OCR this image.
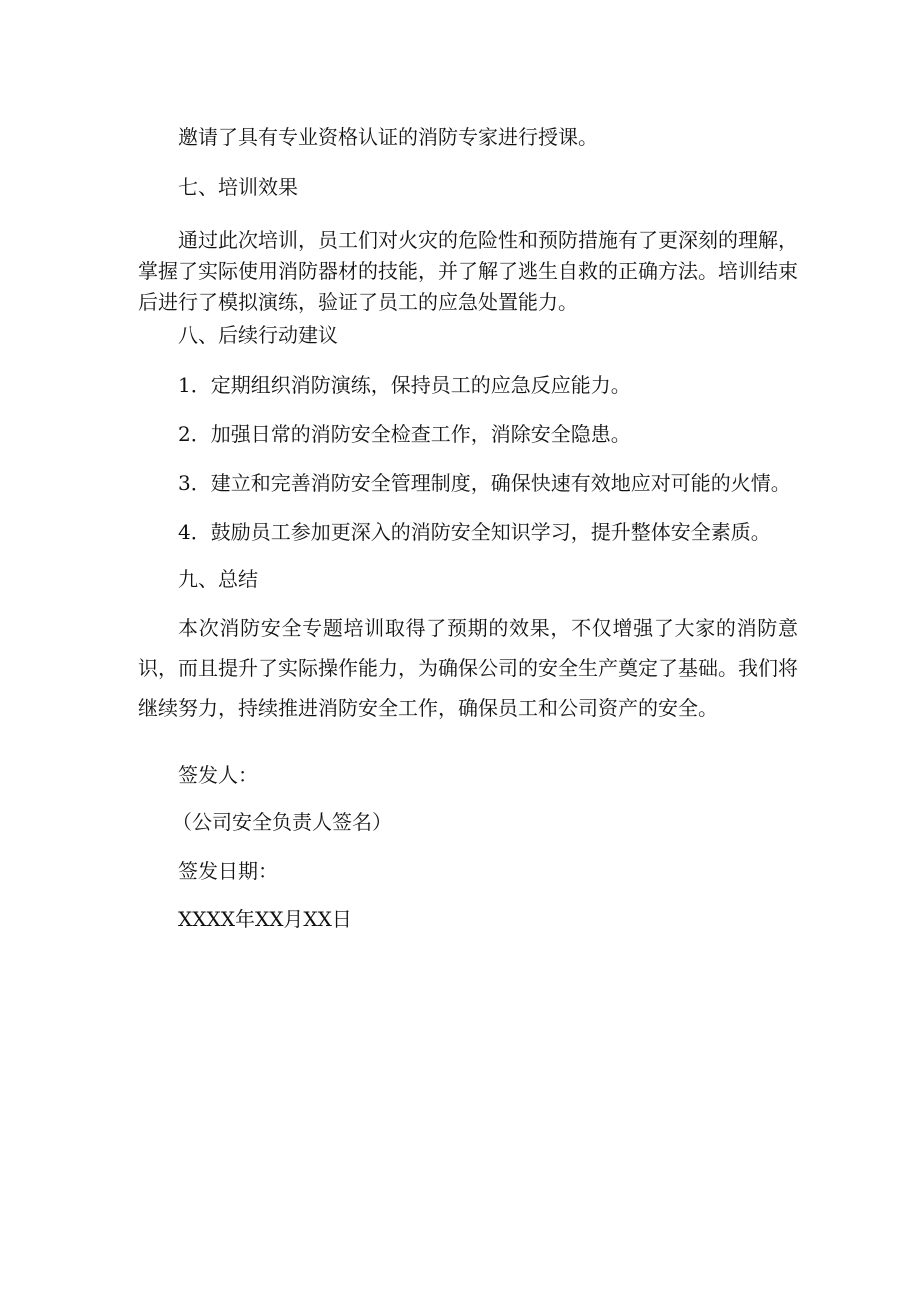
邀请了具有专业资格认证的消防专家进行授课。
七、培训效果
通过此次培训，员工们对火灾的危险性和预防措施有了更深刻的理解，掌握了实际使用消防器材的技能，并了解了逃生自救的正确方法。培训结束后进行了模拟演练，验证了员工的应急处置能力。
八、后续行动建议
1．定期组织消防演练，保持员工的应急反应能力。
2．加强日常的消防安全检查工作，消除安全隐患。
3．建立和完善消防安全管理制度，确保快速有效地应对可能的火情。
4．鼓励员工参加更深入的消防安全知识学习，提升整体安全素质。
九、总结
本次消防安全专题培训取得了预期的效果，不仅增强了大家的消防意识，而且提升了实际操作能力，为确保公司的安全生产奠定了基础。我们将继续努力，持续推进消防安全工作，确保员工和公司资产的安全。
签发人：
（公司安全负责人签名）
签发日期：
XXXX年XX月XX日
